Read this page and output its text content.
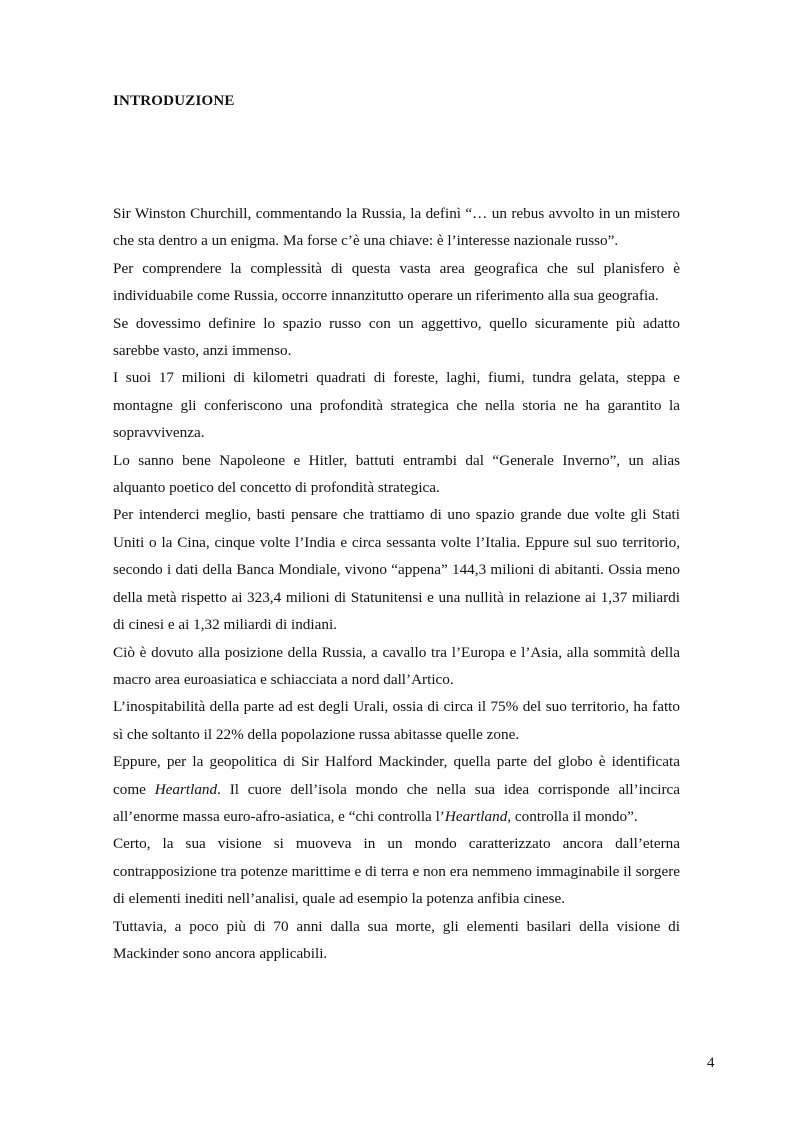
INTRODUZIONE

Sir Winston Churchill, commentando la Russia, la definì “… un rebus avvolto in un mistero che sta dentro a un enigma. Ma forse c’è una chiave: è l’interesse nazionale russo”.

Per comprendere la complessità di questa vasta area geografica che sul planisfero è individuabile come Russia, occorre innanzitutto operare un riferimento alla sua geografia.

Se dovessimo definire lo spazio russo con un aggettivo, quello sicuramente più adatto sarebbe vasto, anzi immenso.

I suoi 17 milioni di kilometri quadrati di foreste, laghi, fiumi, tundra gelata, steppa e montagne gli conferiscono una profondità strategica che nella storia ne ha garantito la sopravvivenza.

Lo sanno bene Napoleone e Hitler, battuti entrambi dal “Generale Inverno”, un alias alquanto poetico del concetto di profondità strategica.

Per intenderci meglio, basti pensare che trattiamo di uno spazio grande due volte gli Stati Uniti o la Cina, cinque volte l’India e circa sessanta volte l’Italia. Eppure sul suo territorio, secondo i dati della Banca Mondiale, vivono “appena” 144,3 milioni di abitanti. Ossia meno della metà rispetto ai 323,4 milioni di Statunitensi e una nullità in relazione ai 1,37 miliardi di cinesi e ai 1,32 miliardi di indiani.

Ciò è dovuto alla posizione della Russia, a cavallo tra l’Europa e l’Asia, alla sommità della macro area euroasiatica e schiacciata a nord dall’Artico.

L’inospitabilità della parte ad est degli Urali, ossia di circa il 75% del suo territorio, ha fatto sì che soltanto il 22% della popolazione russa abitasse quelle zone.

Eppure, per la geopolitica di Sir Halford Mackinder, quella parte del globo è identificata come Heartland. Il cuore dell’isola mondo che nella sua idea corrisponde all’incirca all’enorme massa euro-afro-asiatica, e “chi controlla l’Heartland, controlla il mondo”.

Certo, la sua visione si muoveva in un mondo caratterizzato ancora dall’eterna contrapposizione tra potenze marittime e di terra e non era nemmeno immaginabile il sorgere di elementi inediti nell’analisi, quale ad esempio la potenza anfibia cinese.

Tuttavia, a poco più di 70 anni dalla sua morte, gli elementi basilari della visione di Mackinder sono ancora applicabili.

4
